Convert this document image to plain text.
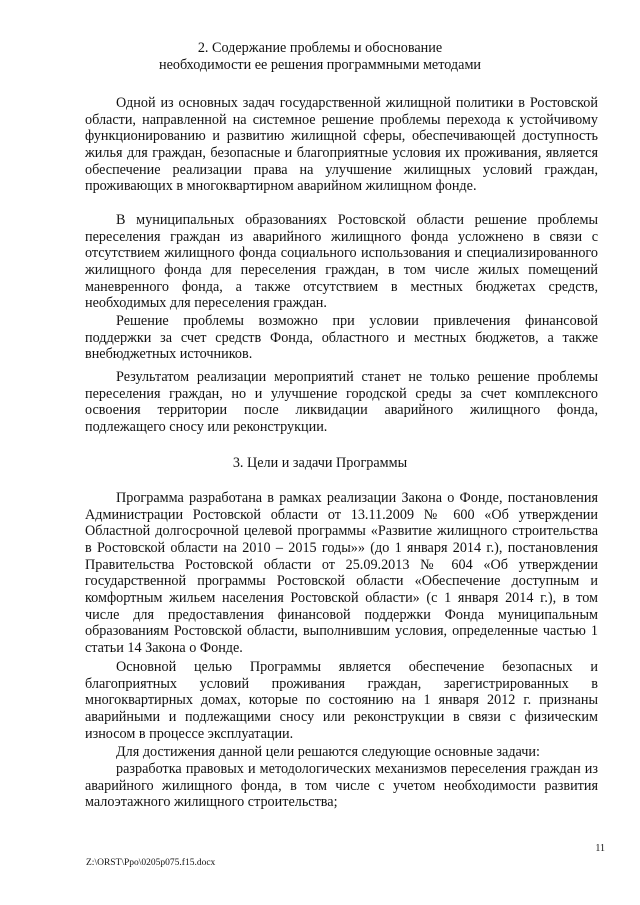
2. Содержание проблемы и обоснование

необходимости ее решения программными методами

Одной из основных задач государственной жилищной политики в Ростовской области, направленной на системное решение проблемы перехода к устойчивому функционированию и развитию жилищной сферы, обеспечивающей доступность жилья для граждан, безопасные и благоприятные условия их проживания, является обеспечение реализации права на улучшение жилищных условий граждан, проживающих в многоквартирном аварийном жилищном фонде.

В муниципальных образованиях Ростовской области решение проблемы переселения граждан из аварийного жилищного фонда усложнено в связи с отсутствием жилищного фонда социального использования и специализированного жилищного фонда для переселения граждан, в том числе жилых помещений маневренного фонда, а также отсутствием в местных бюджетах средств, необходимых для переселения граждан.

Решение проблемы возможно при условии привлечения финансовой поддержки за счет средств Фонда, областного и местных бюджетов, а также внебюджетных источников.

Результатом реализации мероприятий станет не только решение проблемы переселения граждан, но и улучшение городской среды за счет комплексного освоения территории после ликвидации аварийного жилищного фонда, подлежащего сносу или реконструкции.

3. Цели и задачи Программы

Программа разработана в рамках реализации Закона о Фонде, постановления Администрации Ростовской области от 13.11.2009 № 600 «Об утверждении Областной долгосрочной целевой программы «Развитие жилищного строительства в Ростовской области на 2010 – 2015 годы»» (до 1 января 2014 г.), постановления Правительства Ростовской области от 25.09.2013 № 604 «Об утверждении государственной программы Ростовской области «Обеспечение доступным и комфортным жильем населения Ростовской области» (с 1 января 2014 г.), в том числе для предоставления финансовой поддержки Фонда муниципальным образованиям Ростовской области, выполнившим условия, определенные частью 1 статьи 14 Закона о Фонде.

Основной целью Программы является обеспечение безопасных и благоприятных условий проживания граждан, зарегистрированных в многоквартирных домах, которые по состоянию на 1 января 2012 г. признаны аварийными и подлежащими сносу или реконструкции в связи с физическим износом в процессе эксплуатации.

Для достижения данной цели решаются следующие основные задачи:

разработка правовых и методологических механизмов переселения граждан из аварийного жилищного фонда, в том числе с учетом необходимости развития малоэтажного жилищного строительства;

11
Z:\ORST\Ppo\0205p075.f15.docx
